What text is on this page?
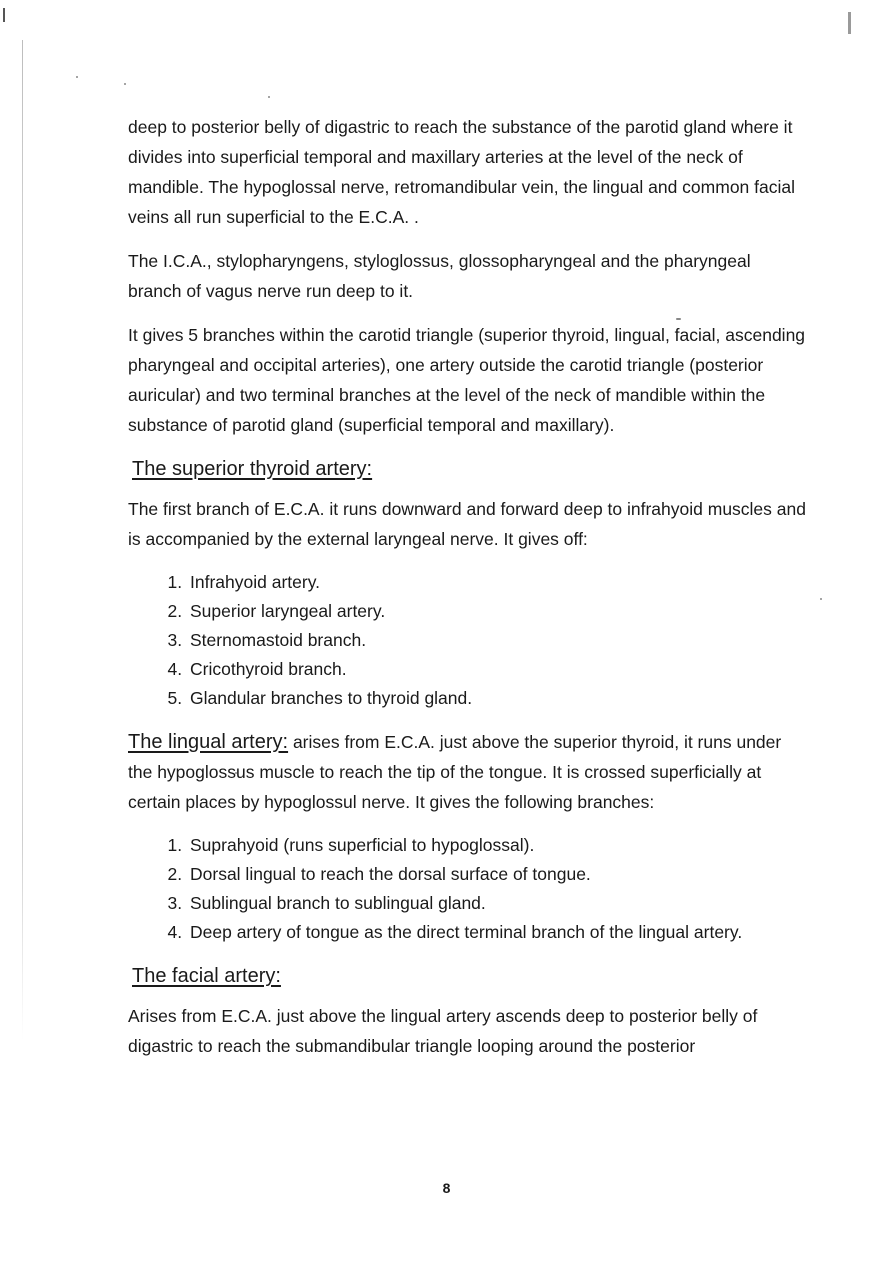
deep to posterior belly of digastric to reach the substance of the parotid gland where it divides into superficial temporal and maxillary arteries at the level of the neck of mandible. The hypoglossal nerve, retromandibular vein, the lingual and common facial veins all run superficial to the E.C.A. .

The I.C.A., stylopharyngens, styloglossus, glossopharyngeal and the pharyngeal branch of vagus nerve run deep to it.

It gives 5 branches within the carotid triangle (superior thyroid, lingual, facial, ascending pharyngeal and occipital arteries), one artery outside the carotid triangle (posterior auricular) and two terminal branches at the level of the neck of mandible within the substance of parotid gland (superficial temporal and maxillary).

The superior thyroid artery:

The first branch of E.C.A. it runs downward and forward deep to infrahyoid muscles and is accompanied by the external laryngeal nerve. It gives off:

1. Infrahyoid artery.
2. Superior laryngeal artery.
3. Sternomastoid branch.
4. Cricothyroid branch.
5. Glandular branches to thyroid gland.

The lingual artery: arises from E.C.A. just above the superior thyroid, it runs under the hypoglossus muscle to reach the tip of the tongue. It is crossed superficially at certain places by hypoglossul nerve. It gives the following branches:

1. Suprahyoid (runs superficial to hypoglossal).
2. Dorsal lingual to reach the dorsal surface of tongue.
3. Sublingual branch to sublingual gland.
4. Deep artery of tongue as the direct terminal branch of the lingual artery.
The facial artery:

Arises from E.C.A. just above the lingual artery ascends deep to posterior belly of digastric to reach the submandibular triangle looping around the posterior

8
